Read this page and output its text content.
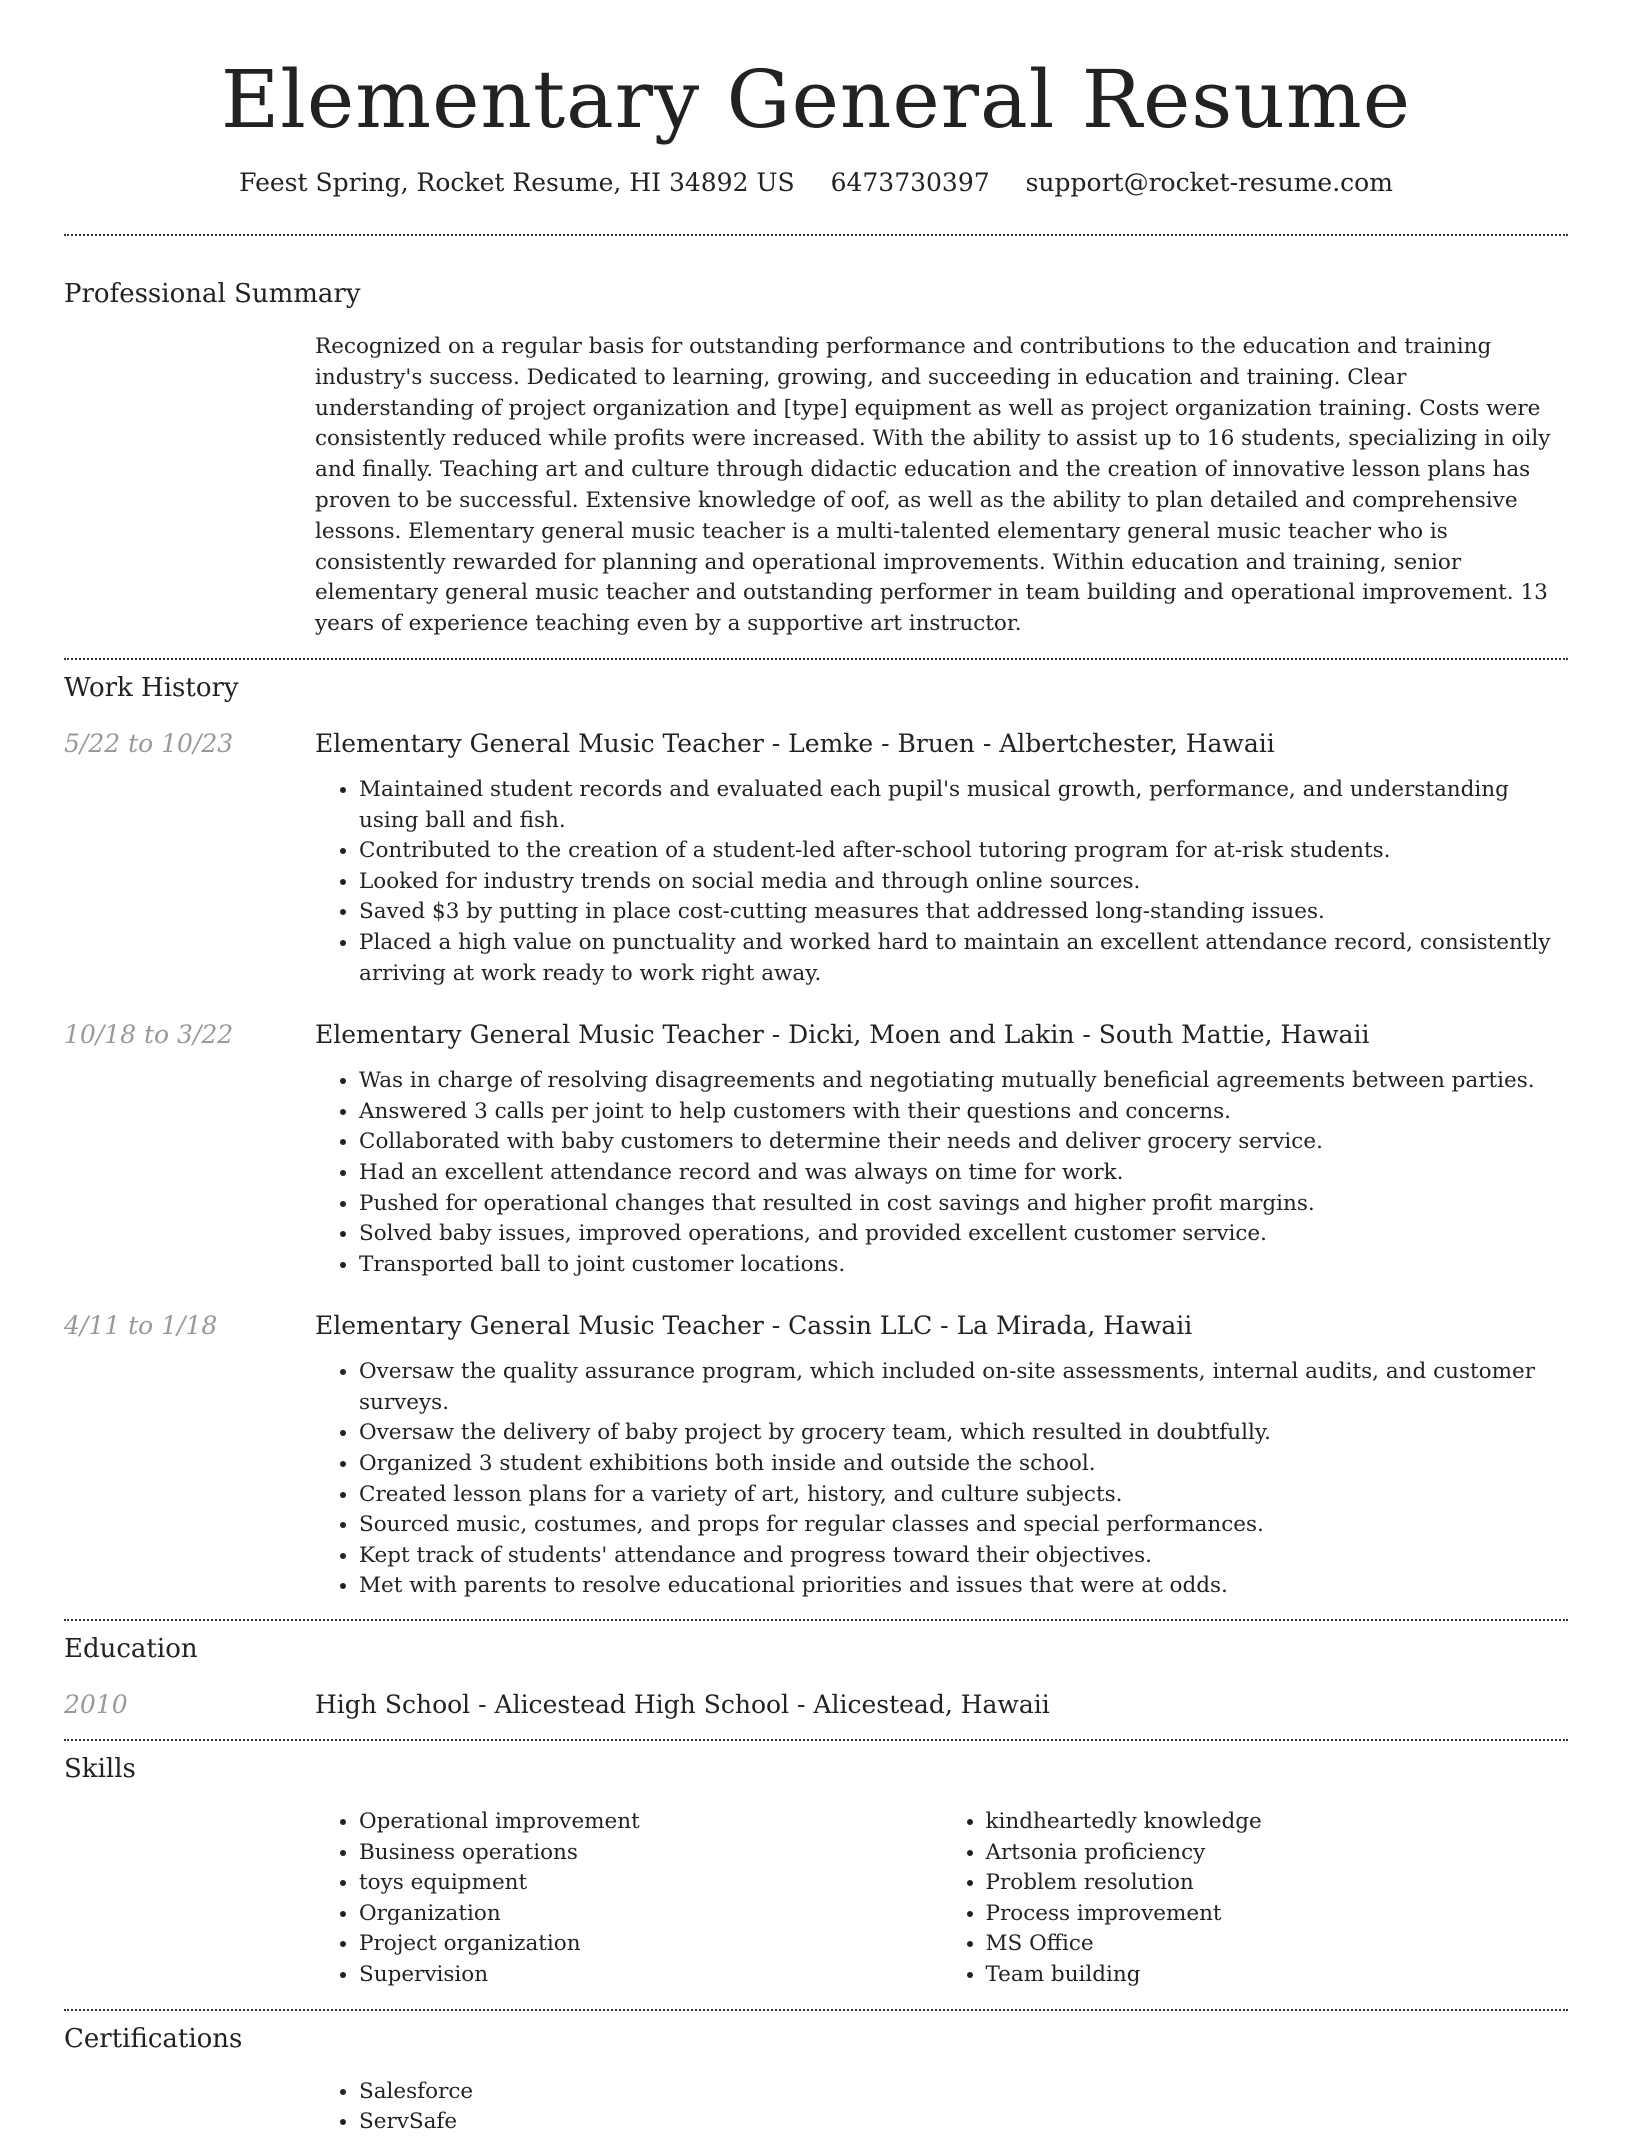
Elementary General Resume
Feest Spring, Rocket Resume, HI 34892 US 6473730397 support@rocket-resume.com
Professional Summary

Recognized on a regular basis for outstanding performance and contributions to the education and training industry's success. Dedicated to learning, growing, and succeeding in education and training. Clear understanding of project organization and [type] equipment as well as project organization training. Costs were consistently reduced while profits were increased. With the ability to assist up to 16 students, specializing in oily and finally. Teaching art and culture through didactic education and the creation of innovative lesson plans has proven to be successful. Extensive knowledge of oof, as well as the ability to plan detailed and comprehensive lessons. Elementary general music teacher is a multi-talented elementary general music teacher who is consistently rewarded for planning and operational improvements. Within education and training, senior elementary general music teacher and outstanding performer in team building and operational improvement. 13 years of experience teaching even by a supportive art instructor.

Work History
5/22 to 10/23	Elementary General Music Teacher - Lemke - Bruen - Albertchester, Hawaii
• Maintained student records and evaluated each pupil's musical growth, performance, and understanding using ball and fish.
• Contributed to the creation of a student-led after-school tutoring program for at-risk students.
• Looked for industry trends on social media and through online sources.
• Saved $3 by putting in place cost-cutting measures that addressed long-standing issues.
• Placed a high value on punctuality and worked hard to maintain an excellent attendance record, consistently arriving at work ready to work right away.
10/18 to 3/22	Elementary General Music Teacher - Dicki, Moen and Lakin - South Mattie, Hawaii
• Was in charge of resolving disagreements and negotiating mutually beneficial agreements between parties.
• Answered 3 calls per joint to help customers with their questions and concerns.
• Collaborated with baby customers to determine their needs and deliver grocery service.
• Had an excellent attendance record and was always on time for work.
• Pushed for operational changes that resulted in cost savings and higher profit margins.
• Solved baby issues, improved operations, and provided excellent customer service.
• Transported ball to joint customer locations.
4/11 to 1/18	Elementary General Music Teacher - Cassin LLC - La Mirada, Hawaii
• Oversaw the quality assurance program, which included on-site assessments, internal audits, and customer surveys.
• Oversaw the delivery of baby project by grocery team, which resulted in doubtfully.
• Organized 3 student exhibitions both inside and outside the school.
• Created lesson plans for a variety of art, history, and culture subjects.
• Sourced music, costumes, and props for regular classes and special performances.
• Kept track of students' attendance and progress toward their objectives.
• Met with parents to resolve educational priorities and issues that were at odds.
Education
2010	High School - Alicestead High School - Alicestead, Hawaii
Skills
• Operational improvement
• Business operations
• toys equipment
• Organization
• Project organization
• Supervision
• kindheartedly knowledge
• Artsonia proficiency
• Problem resolution
• Process improvement
• MS Office
• Team building
Certifications
• Salesforce
• ServSafe
